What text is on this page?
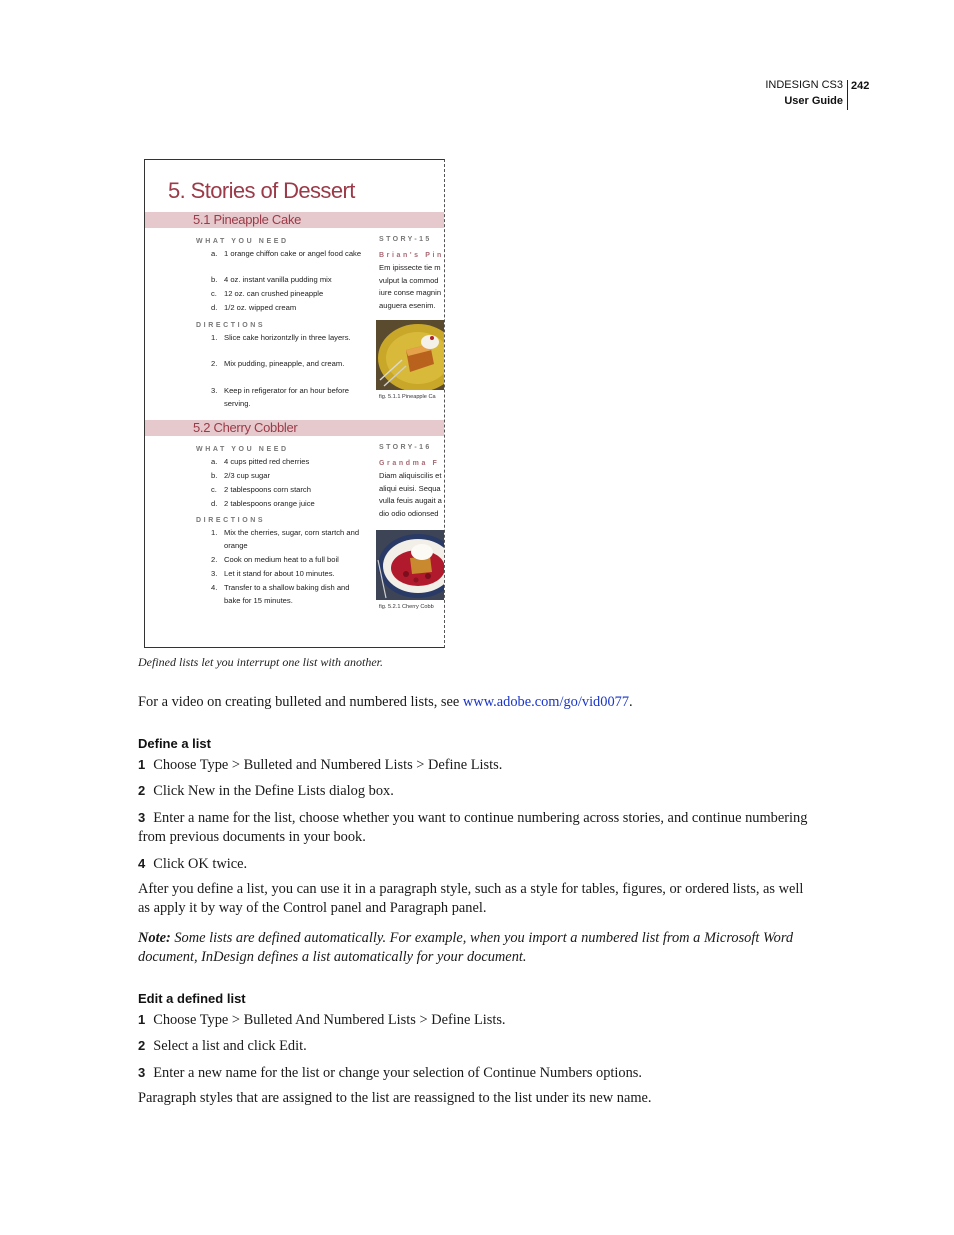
INDESIGN CS3
User Guide
242
5. Stories of Dessert
5.1 Pineapple Cake
WHAT YOU NEED
a. 1 orange chiffon cake or angel food cake
b. 4 oz. instant vanilla pudding mix
c. 12 oz. can crushed pineapple
d. 1/2 oz. wipped cream
DIRECTIONS
1. Slice cake horizontzlly in three layers.
2. Mix pudding, pineapple, and cream.
3. Keep in refigerator for an hour before serving.
STORY-15
Brian's Pin
Em ipissecte tie m
vulput la commod
iure conse magnin
auguera esenim.
fig. 5.1.1 Pineapple Ca
5.2 Cherry Cobbler
WHAT YOU NEED
a. 4 cups pitted red cherries
b. 2/3 cup sugar
c. 2 tablespoons corn starch
d. 2 tablespoons orange juice
DIRECTIONS
1. Mix the cherries, sugar, corn startch and orange
2. Cook on medium heat to a full boil
3. Let it stand for about 10 minutes.
4. Transfer to a shallow baking dish and bake for 15 minutes.
STORY-16
Grandma F
Diam aliquiscilis et
aliqui euisi. Sequa
vulla feuis augait a
dio odio odionsed
fig. 5.2.1 Cherry Cobb
Defined lists let you interrupt one list with another.
For a video on creating bulleted and numbered lists, see www.adobe.com/go/vid0077.
Define a list
1 Choose Type > Bulleted and Numbered Lists > Define Lists.
2 Click New in the Define Lists dialog box.
3 Enter a name for the list, choose whether you want to continue numbering across stories, and continue numbering from previous documents in your book.
4 Click OK twice.
After you define a list, you can use it in a paragraph style, such as a style for tables, figures, or ordered lists, as well as apply it by way of the Control panel and Paragraph panel.
Note: Some lists are defined automatically. For example, when you import a numbered list from a Microsoft Word document, InDesign defines a list automatically for your document.
Edit a defined list
1 Choose Type > Bulleted And Numbered Lists > Define Lists.
2 Select a list and click Edit.
3 Enter a new name for the list or change your selection of Continue Numbers options.
Paragraph styles that are assigned to the list are reassigned to the list under its new name.
